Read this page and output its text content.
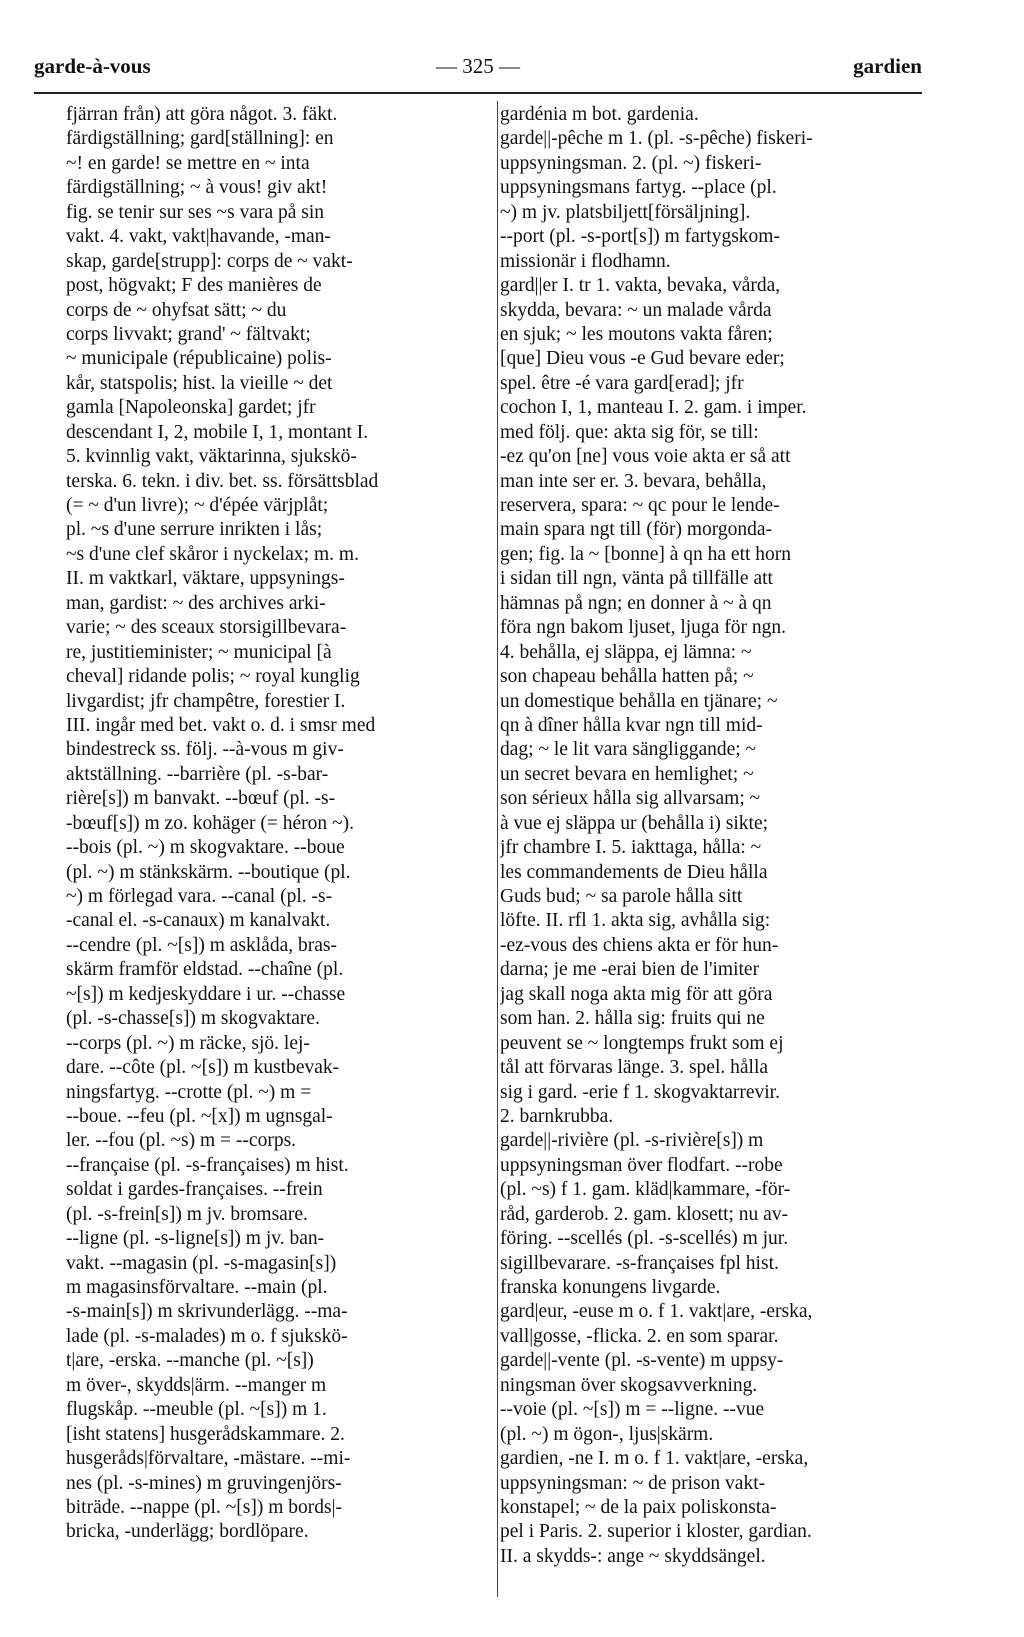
garde-à-vous	— 325 —	gardien
fjärran från) att göra något. 3. fäkt.
färdigställning; gard[ställning]: en
~! en garde! se mettre en ~ inta
färdigställning; ~ à vous! giv akt!
fig. se tenir sur ses ~s vara på sin
vakt. 4. vakt, vakt|havande, -man-
skap, garde[strupp]: corps de ~ vakt-
post, högvakt; F des manières de
corps de ~ ohyfsat sätt; ~ du
corps livvakt; grand' ~ fältvakt;
~ municipale (républicaine) polis-
kår, statspolis; hist. la vieille ~ det
gamla [Napoleonska] gardet; jfr
descendant I, 2, mobile I, 1, montant I.
5. kvinnlig vakt, väktarinna, sjukskö-
terska. 6. tekn. i div. bet. ss. försättsblad
(= ~ d'un livre); ~ d'épée värjplåt;
pl. ~s d'une serrure inrikten i lås;
~s d'une clef skåror i nyckelax; m. m.
II. m vaktkarl, väktare, uppsynings-
man, gardist: ~ des archives arki-
varie; ~ des sceaux storsigillbevara-
re, justitieminister; ~ municipal [à
cheval] ridande polis; ~ royal kunglig
livgardist; jfr champêtre, forestier I.
III. ingår med bet. vakt o. d. i smsr med
bindestreck ss. följ. --à-vous m giv-
aktställning. --barrière (pl. -s-bar-
rière[s]) m banvakt. --bœuf (pl. -s-
-bœuf[s]) m zo. kohäger (= héron ~).
--bois (pl. ~) m skogvaktare. --boue
(pl. ~) m stänkskärm. --boutique (pl.
~) m förlegad vara. --canal (pl. -s-
-canal el. -s-canaux) m kanalvakt.
--cendre (pl. ~[s]) m asklåda, bras-
skärm framför eldstad. --chaîne (pl.
~[s]) m kedjeskyddare i ur. --chasse
(pl. -s-chasse[s]) m skogvaktare.
--corps (pl. ~) m räcke, sjö. lej-
dare. --côte (pl. ~[s]) m kustbevak-
ningsfartyg. --crotte (pl. ~) m =
--boue. --feu (pl. ~[x]) m ugnsgal-
ler. --fou (pl. ~s) m = --corps.
--française (pl. -s-françaises) m hist.
soldat i gardes-françaises. --frein
(pl. -s-frein[s]) m jv. bromsare.
--ligne (pl. -s-ligne[s]) m jv. ban-
vakt. --magasin (pl. -s-magasin[s])
m magasinsförvaltare. --main (pl.
-s-main[s]) m skrivunderlägg. --ma-
lade (pl. -s-malades) m o. f sjukskö-
t|are, -erska. --manche (pl. ~[s])
m över-, skydds|ärm. --manger m
flugskåp. --meuble (pl. ~[s]) m 1.
[isht statens] husgerådskammare. 2.
husgeråds|förvaltare, -mästare. --mi-
nes (pl. -s-mines) m gruvingenjörs-
biträde. --nappe (pl. ~[s]) m bords|-
bricka, -underlägg; bordlöpare.
gardénia m bot. gardenia.
garde||-pêche m 1. (pl. -s-pêche) fiskeri-
uppsyningsman. 2. (pl. ~) fiskeri-
uppsyningsmans fartyg. --place (pl.
~) m jv. platsbiljett[försäljning].
--port (pl. -s-port[s]) m fartygskom-
missionär i flodhamn.
gard||er I. tr 1. vakta, bevaka, vårda,
skydda, bevara: ~ un malade vårda
en sjuk; ~ les moutons vakta fåren;
[que] Dieu vous -e Gud bevare eder;
spel. être -é vara gard[erad]; jfr
cochon I, 1, manteau I. 2. gam. i imper.
med följ. que: akta sig för, se till:
-ez qu'on [ne] vous voie akta er så att
man inte ser er. 3. bevara, behålla,
reservera, spara: ~ qc pour le lende-
main spara ngt till (för) morgonda-
gen; fig. la ~ [bonne] à qn ha ett horn
i sidan till ngn, vänta på tillfälle att
hämnas på ngn; en donner à ~ à qn
föra ngn bakom ljuset, ljuga för ngn.
4. behålla, ej släppa, ej lämna: ~
son chapeau behålla hatten på; ~
un domestique behålla en tjänare; ~
qn à dîner hålla kvar ngn till mid-
dag; ~ le lit vara sängliggande; ~
un secret bevara en hemlighet; ~
son sérieux hålla sig allvarsam; ~
à vue ej släppa ur (behålla i) sikte;
jfr chambre I. 5. iakttaga, hålla: ~
les commandements de Dieu hålla
Guds bud; ~ sa parole hålla sitt
löfte. II. rfl 1. akta sig, avhålla sig:
-ez-vous des chiens akta er för hun-
darna; je me -erai bien de l'imiter
jag skall noga akta mig för att göra
som han. 2. hålla sig: fruits qui ne
peuvent se ~ longtemps frukt som ej
tål att förvaras länge. 3. spel. hålla
sig i gard. -erie f 1. skogvaktarrevir.
2. barnkrubba.
garde||-rivière (pl. -s-rivière[s]) m
uppsyningsman över flodfart. --robe
(pl. ~s) f 1. gam. kläd|kammare, -för-
råd, garderob. 2. gam. klosett; nu av-
föring. --scellés (pl. -s-scellés) m jur.
sigillbevarare. -s-françaises fpl hist.
franska konungens livgarde.
gard|eur, -euse m o. f 1. vakt|are, -erska,
vall|gosse, -flicka. 2. en som sparar.
garde||-vente (pl. -s-vente) m uppsy-
ningsman över skogsavverkning.
--voie (pl. ~[s]) m = --ligne. --vue
(pl. ~) m ögon-, ljus|skärm.
gardien, -ne I. m o. f 1. vakt|are, -erska,
uppsyningsman: ~ de prison vakt-
konstapel; ~ de la paix poliskonsta-
pel i Paris. 2. superior i kloster, gardian.
II. a skydds-: ange ~ skyddsängel.
